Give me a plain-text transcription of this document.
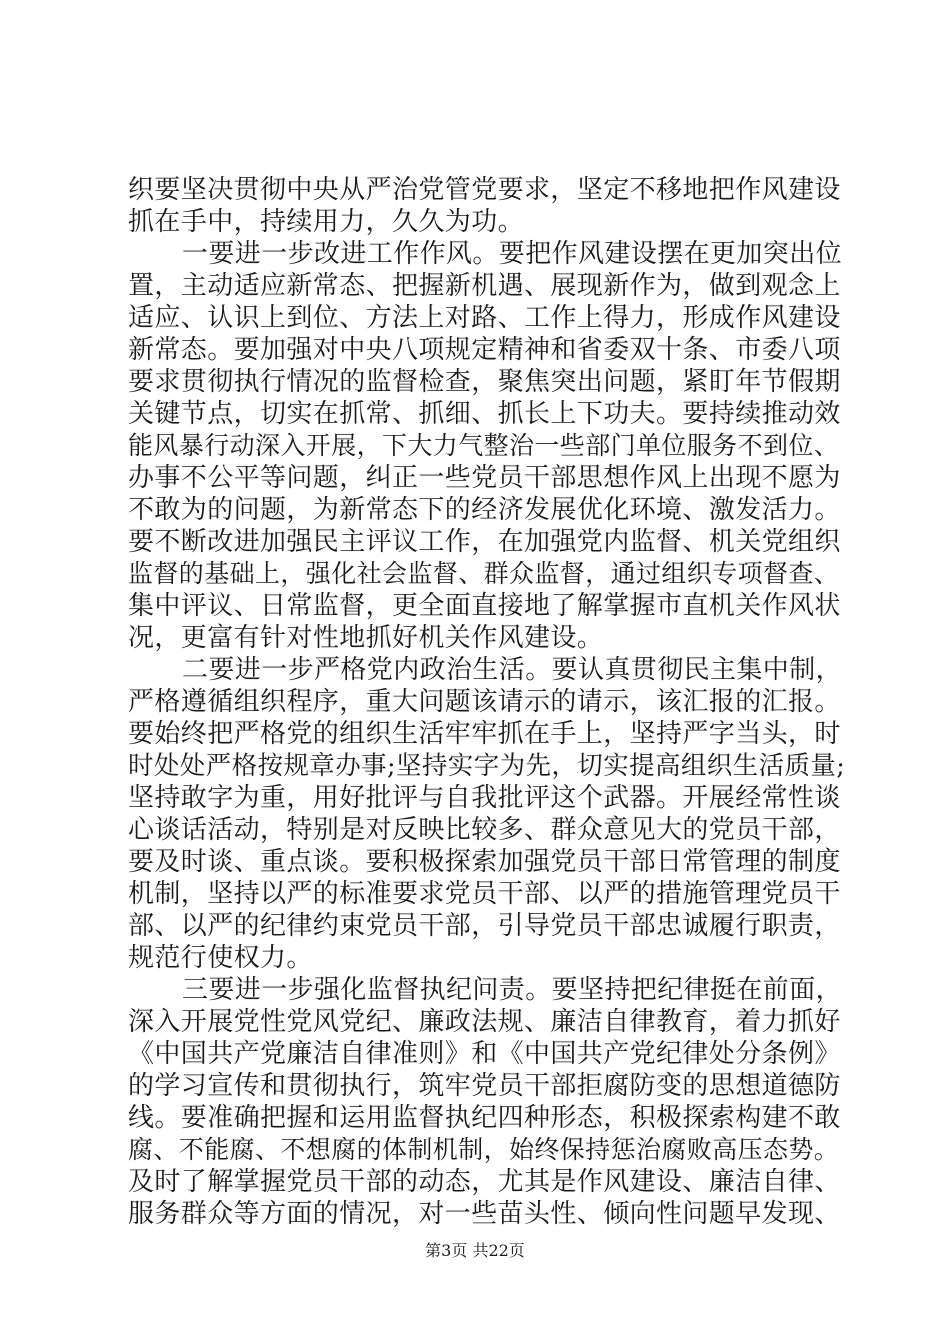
织要坚决贯彻中央从严治党管党要求，坚定不移地把作风建设
抓在手中，持续用力，久久为功。
一要进一步改进工作作风。要把作风建设摆在更加突出位
置，主动适应新常态、把握新机遇、展现新作为，做到观念上
适应、认识上到位、方法上对路、工作上得力，形成作风建设
新常态。要加强对中央八项规定精神和省委双十条、市委八项
要求贯彻执行情况的监督检查，聚焦突出问题，紧盯年节假期
关键节点，切实在抓常、抓细、抓长上下功夫。要持续推动效
能风暴行动深入开展，下大力气整治一些部门单位服务不到位、
办事不公平等问题，纠正一些党员干部思想作风上出现不愿为
不敢为的问题，为新常态下的经济发展优化环境、激发活力。
要不断改进加强民主评议工作，在加强党内监督、机关党组织
监督的基础上，强化社会监督、群众监督，通过组织专项督查、
集中评议、日常监督，更全面直接地了解掌握市直机关作风状
况，更富有针对性地抓好机关作风建设。
二要进一步严格党内政治生活。要认真贯彻民主集中制，
严格遵循组织程序，重大问题该请示的请示，该汇报的汇报。
要始终把严格党的组织生活牢牢抓在手上，坚持严字当头，时
时处处严格按规章办事;坚持实字为先，切实提高组织生活质量;
坚持敢字为重，用好批评与自我批评这个武器。开展经常性谈
心谈话活动，特别是对反映比较多、群众意见大的党员干部，
要及时谈、重点谈。要积极探索加强党员干部日常管理的制度
机制，坚持以严的标准要求党员干部、以严的措施管理党员干
部、以严的纪律约束党员干部，引导党员干部忠诚履行职责，
规范行使权力。
三要进一步强化监督执纪问责。要坚持把纪律挺在前面，
深入开展党性党风党纪、廉政法规、廉洁自律教育，着力抓好
《中国共产党廉洁自律准则》和《中国共产党纪律处分条例》
的学习宣传和贯彻执行，筑牢党员干部拒腐防变的思想道德防
线。要准确把握和运用监督执纪四种形态，积极探索构建不敢
腐、不能腐、不想腐的体制机制，始终保持惩治腐败高压态势。
及时了解掌握党员干部的动态，尤其是作风建设、廉洁自律、
服务群众等方面的情况，对一些苗头性、倾向性问题早发现、
第3页 共22页
